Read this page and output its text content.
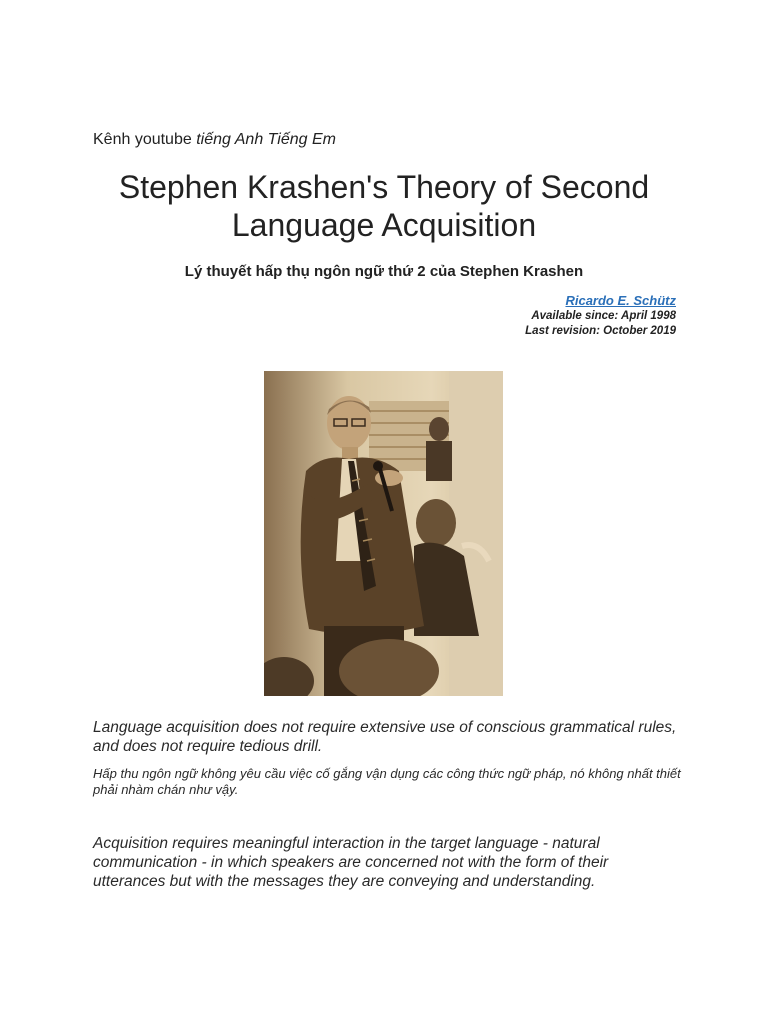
Kênh youtube tiếng Anh Tiếng Em
Stephen Krashen's Theory of Second Language Acquisition
Lý thuyết hấp thụ ngôn ngữ thứ 2 của Stephen Krashen
Ricardo E. Schütz
Available since: April 1998
Last revision: October 2019

Language acquisition does not require extensive use of conscious grammatical rules, and does not require tedious drill.

Hấp thu ngôn ngữ không yêu cầu việc cố gắng vận dụng các công thức ngữ pháp, nó không nhất thiết phải nhàm chán như vậy.

Acquisition requires meaningful interaction in the target language - natural communication - in which speakers are concerned not with the form of their utterances but with the messages they are conveying and understanding.
